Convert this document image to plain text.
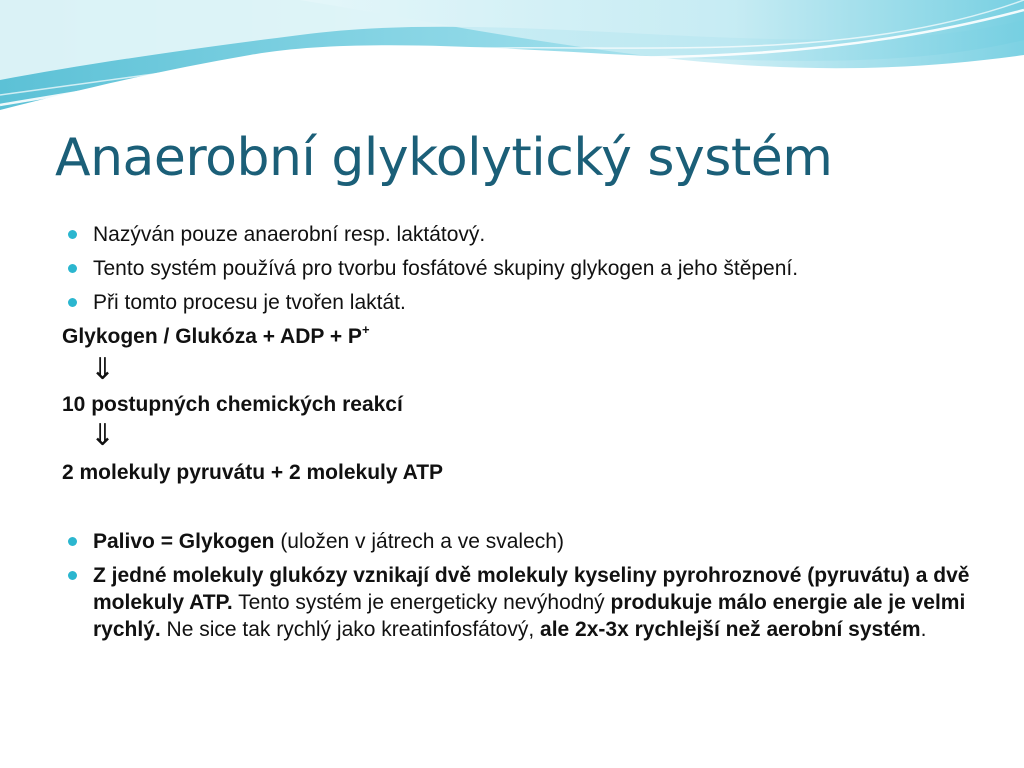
Anaerobní glykolytický systém
Nazýván pouze anaerobní resp. laktátový.
Tento systém používá pro tvorbu fosfátové skupiny glykogen a jeho štěpení.
Při tomto procesu je tvořen laktát.
Glykogen / Glukóza + ADP + P+
⇓
10 postupných chemických reakcí
⇓
2 molekuly pyruvátu + 2 molekuly ATP
Palivo = Glykogen (uložen v játrech a ve svalech)
Z jedné molekuly glukózy vznikají dvě molekuly kyseliny pyrohroznové (pyruvátu) a dvě molekuly ATP. Tento systém je energeticky nevýhodný produkuje málo energie ale je velmi rychlý. Ne sice tak rychlý jako kreatinfosfátový, ale 2x-3x rychlejší než aerobní systém.
